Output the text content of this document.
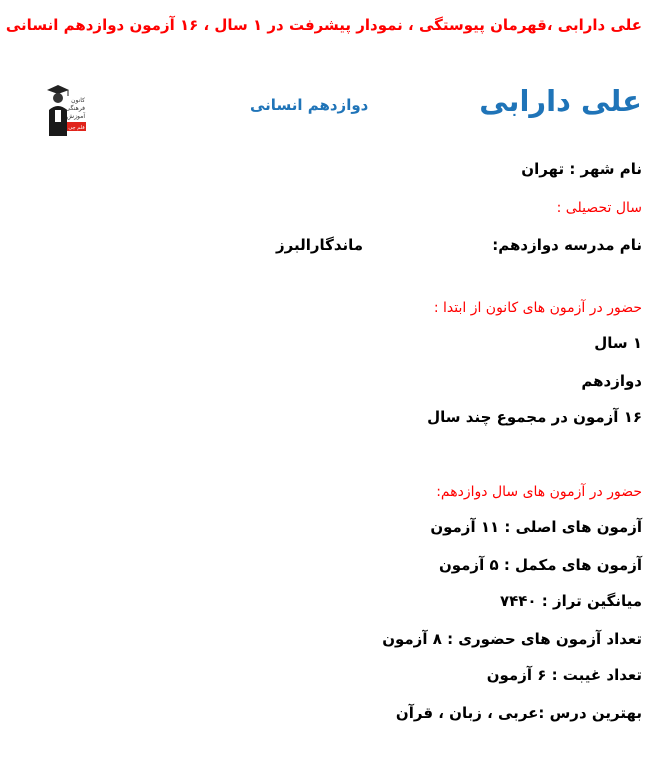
علی دارابی ،قهرمان پیوستگی ، نمودار پیشرفت در ۱ سال ، ۱۶ آزمون دوازدهم انسانی
کانون
فرهنگی
آموزش
قلم چی
علی دارابی
دوازدهم انسانی
نام شهر : تهران
سال تحصیلی :
نام مدرسه دوازدهم:
ماندگارالبرز
حضور در آزمون های کانون از ابتدا :
۱ سال
دوازدهم
۱۶ آزمون در مجموع چند سال
حضور در آزمون های سال دوازدهم:
آزمون های اصلی : ۱۱ آزمون
آزمون های مکمل : ۵ آزمون
میانگین تراز : ۷۴۴۰
تعداد آزمون های حضوری : ۸ آزمون
تعداد غیبت : ۶ آزمون
بهترین درس :عربی ، زبان ، قرآن
